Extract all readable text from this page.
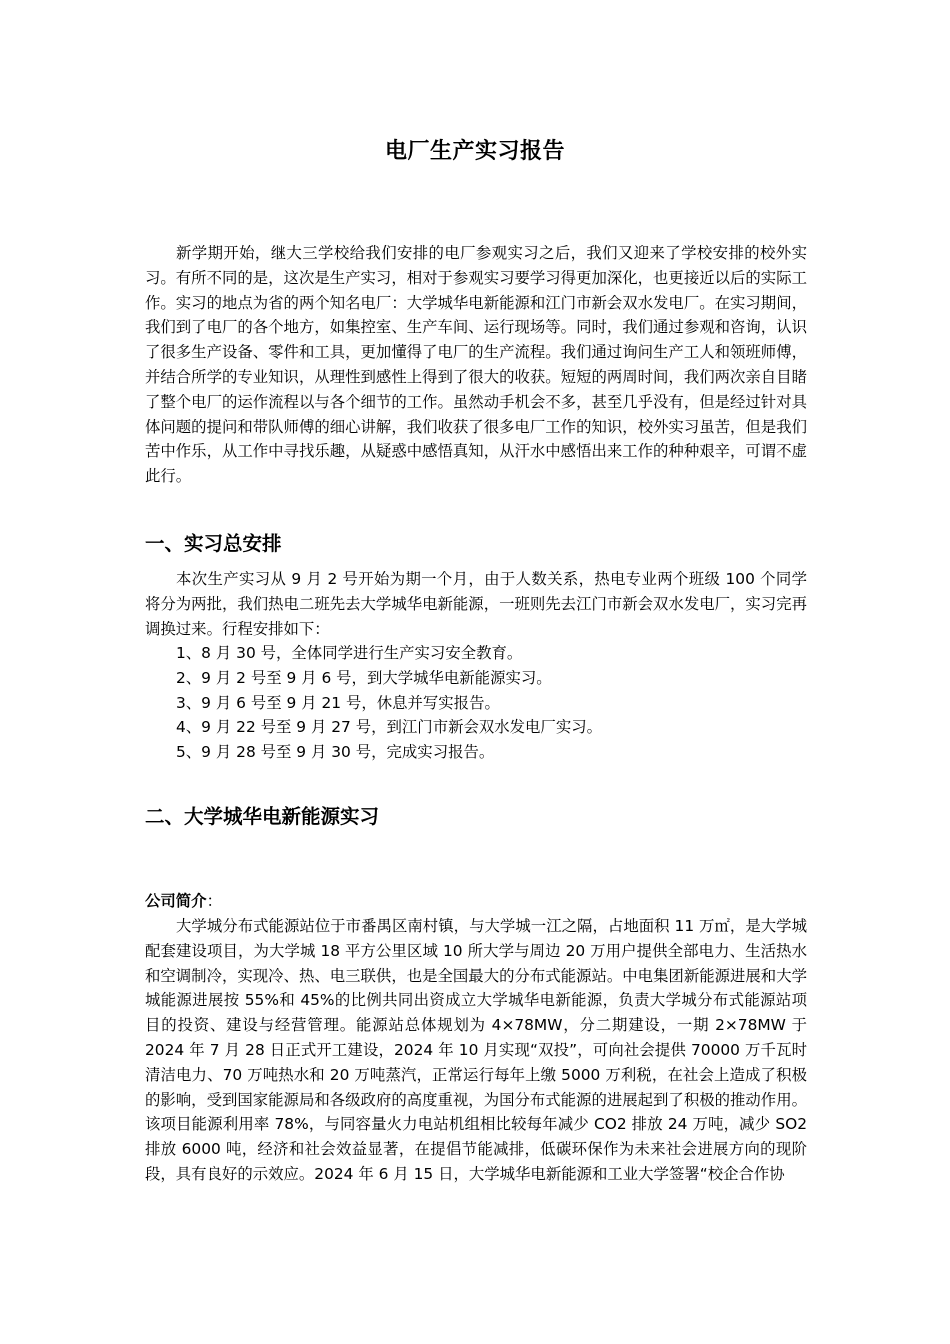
电厂生产实习报告

新学期开始，继大三学校给我们安排的电厂参观实习之后，我们又迎来了学校安排的校外实习。有所不同的是，这次是生产实习，相对于参观实习要学习得更加深化，也更接近以后的实际工作。实习的地点为省的两个知名电厂：大学城华电新能源和江门市新会双水发电厂。在实习期间，我们到了电厂的各个地方，如集控室、生产车间、运行现场等。同时，我们通过参观和咨询，认识了很多生产设备、零件和工具，更加懂得了电厂的生产流程。我们通过询问生产工人和领班师傅，并结合所学的专业知识，从理性到感性上得到了很大的收获。短短的两周时间，我们两次亲自目睹了整个电厂的运作流程以与各个细节的工作。虽然动手机会不多，甚至几乎没有，但是经过针对具体问题的提问和带队师傅的细心讲解，我们收获了很多电厂工作的知识，校外实习虽苦，但是我们苦中作乐，从工作中寻找乐趣，从疑惑中感悟真知，从汗水中感悟出来工作的种种艰辛，可谓不虚此行。

一、实习总安排

本次生产实习从 9 月 2 号开始为期一个月，由于人数关系，热电专业两个班级 100 个同学将分为两批，我们热电二班先去大学城华电新能源，一班则先去江门市新会双水发电厂，实习完再调换过来。行程安排如下：

1、8 月 30 号，全体同学进行生产实习安全教育。
2、9 月 2 号至 9 月 6 号，到大学城华电新能源实习。
3、9 月 6 号至 9 月 21 号，休息并写实报告。
4、9 月 22 号至 9 月 27 号，到江门市新会双水发电厂实习。
5、9 月 28 号至 9 月 30 号，完成实习报告。
二、大学城华电新能源实习
公司简介：

大学城分布式能源站位于市番禺区南村镇，与大学城一江之隔，占地面积 11 万㎡，是大学城配套建设项目，为大学城 18 平方公里区域 10 所大学与周边 20 万用户提供全部电力、生活热水和空调制冷，实现冷、热、电三联供，也是全国最大的分布式能源站。中电集团新能源进展和大学城能源进展按 55%和 45%的比例共同出资成立大学城华电新能源，负责大学城分布式能源站项目的投资、建设与经营管理。能源站总体规划为 4×78MW，分二期建设，一期 2×78MW 于 2024 年 7 月 28 日正式开工建设，2024 年 10 月实现“双投”，可向社会提供 70000 万千瓦时清洁电力、70 万吨热水和 20 万吨蒸汽，正常运行每年上缴 5000 万利税，在社会上造成了积极的影响，受到国家能源局和各级政府的高度重视，为国分布式能源的进展起到了积极的推动作用。该项目能源利用率 78%，与同容量火力电站机组相比较每年减少 CO2 排放 24 万吨，减少 SO2 排放 6000 吨，经济和社会效益显著，在提倡节能减排，低碳环保作为未来社会进展方向的现阶段，具有良好的示效应。2024 年 6 月 15 日，大学城华电新能源和工业大学签署“校企合作协
